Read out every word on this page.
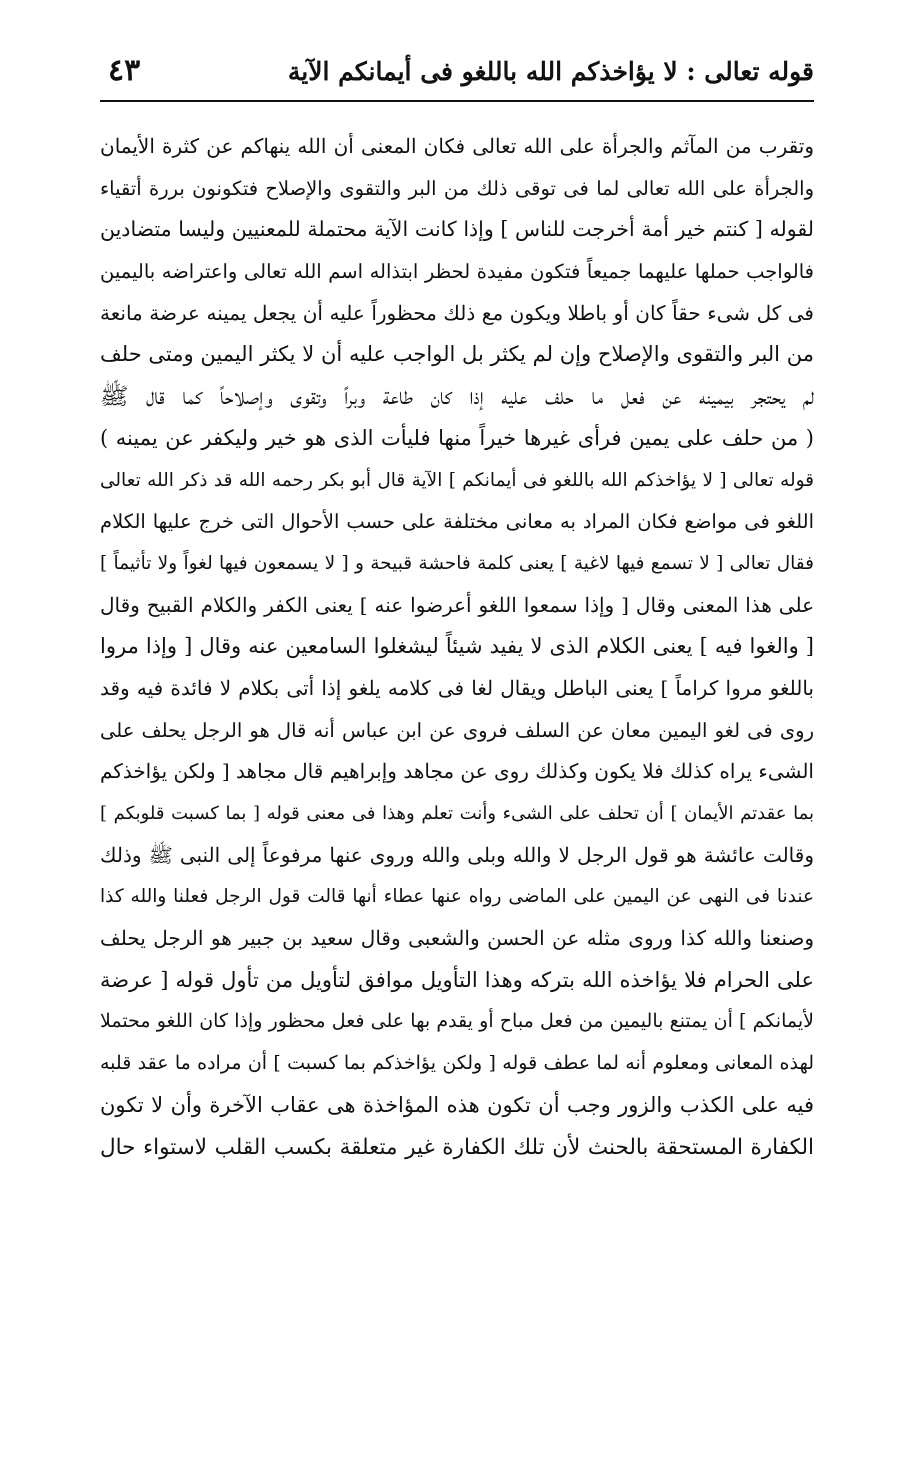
قوله تعالى : لا يؤاخذكم الله باللغو فى أيمانكم الآية
٤٣
وتقرب من المآثم والجرأة على الله تعالى فكان المعنى أن الله ينهاكم عن كثرة الأيمان
والجرأة على الله تعالى لما فى توقى ذلك من البر والتقوى والإصلاح فتكونون بررة أتقياء
لقوله [ كنتم خير أمة أخرجت للناس ] وإذا كانت الآية محتملة للمعنيين وليسا متضادين
فالواجب حملها عليهما جميعاً فتكون مفيدة لحظر ابتذاله اسم الله تعالى واعتراضه باليمين
فى كل شىء حقاً كان أو باطلا ويكون مع ذلك محظوراً عليه أن يجعل يمينه عرضة مانعة
من البر والتقوى والإصلاح وإن لم يكثر بل الواجب عليه أن لا يكثر اليمين ومتى حلف
لم يحتجر بيمينه عن فعل ما حلف عليه إذا كان طاعة وبراً وتقوى وإصلاحاً كما قال ﷺ
( من حلف على يمين فرأى غيرها خيراً منها فليأت الذى هو خير وليكفر عن يمينه )
قوله تعالى [ لا يؤاخذكم الله باللغو فى أيمانكم ] الآية قال أبو بكر رحمه الله قد ذكر الله تعالى
اللغو فى مواضع فكان المراد به معانى مختلفة على حسب الأحوال التى خرج عليها الكلام
فقال تعالى [ لا تسمع فيها لاغية ] يعنى كلمة فاحشة قبيحة و [ لا يسمعون فيها لغواً ولا تأثيماً ]
على هذا المعنى وقال [ وإذا سمعوا اللغو أعرضوا عنه ] يعنى الكفر والكلام القبيح وقال
[ والغوا فيه ] يعنى الكلام الذى لا يفيد شيئاً ليشغلوا السامعين عنه وقال [ وإذا مروا
باللغو مروا كراماً ] يعنى الباطل ويقال لغا فى كلامه يلغو إذا أتى بكلام لا فائدة فيه وقد
روى فى لغو اليمين معان عن السلف فروى عن ابن عباس أنه قال هو الرجل يحلف على
الشىء يراه كذلك فلا يكون وكذلك روى عن مجاهد وإبراهيم قال مجاهد [ ولكن يؤاخذكم
بما عقدتم الأيمان ] أن تحلف على الشىء وأنت تعلم وهذا فى معنى قوله [ بما كسبت قلوبكم ]
وقالت عائشة هو قول الرجل لا والله وبلى والله وروى عنها مرفوعاً إلى النبى ﷺ وذلك
عندنا فى النهى عن اليمين على الماضى رواه عنها عطاء أنها قالت قول الرجل فعلنا والله كذا
وصنعنا والله كذا وروى مثله عن الحسن والشعبى وقال سعيد بن جبير هو الرجل يحلف
على الحرام فلا يؤاخذه الله بتركه وهذا التأويل موافق لتأويل من تأول قوله [ عرضة
لأيمانكم ] أن يمتنع باليمين من فعل مباح أو يقدم بها على فعل محظور وإذا كان اللغو محتملا
لهذه المعانى ومعلوم أنه لما عطف قوله [ ولكن يؤاخذكم بما كسبت ] أن مراده ما عقد قلبه
فيه على الكذب والزور وجب أن تكون هذه المؤاخذة هى عقاب الآخرة وأن لا تكون
الكفارة المستحقة بالحنث لأن تلك الكفارة غير متعلقة بكسب القلب لاستواء حال
